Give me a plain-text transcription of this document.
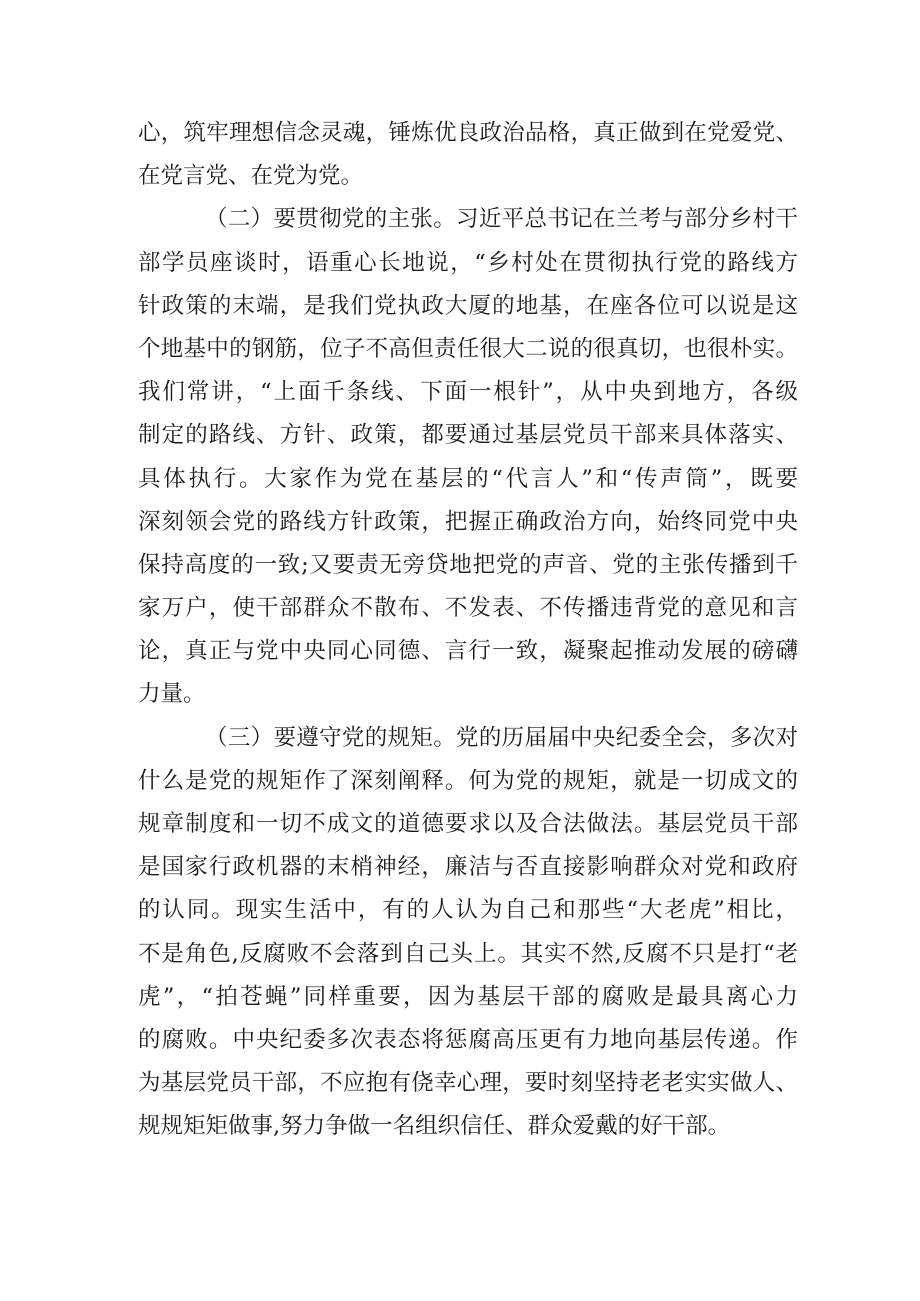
心，筑牢理想信念灵魂，锤炼优良政治品格，真正做到在党爱党、
在党言党、在党为党。
（二）要贯彻党的主张。习近平总书记在兰考与部分乡村干
部学员座谈时，语重心长地说，“乡村处在贯彻执行党的路线方
针政策的末端，是我们党执政大厦的地基，在座各位可以说是这
个地基中的钢筋，位子不高但责任很大二说的很真切，也很朴实。
我们常讲，“上面千条线、下面一根针”，从中央到地方，各级
制定的路线、方针、政策，都要通过基层党员干部来具体落实、
具体执行。大家作为党在基层的“代言人”和“传声筒”，既要
深刻领会党的路线方针政策，把握正确政治方向，始终同党中央
保持高度的一致;又要责无旁贷地把党的声音、党的主张传播到千
家万户，使干部群众不散布、不发表、不传播违背党的意见和言
论，真正与党中央同心同德、言行一致，凝聚起推动发展的磅礴
力量。
（三）要遵守党的规矩。党的历届届中央纪委全会，多次对
什么是党的规矩作了深刻阐释。何为党的规矩，就是一切成文的
规章制度和一切不成文的道德要求以及合法做法。基层党员干部
是国家行政机器的末梢神经，廉洁与否直接影响群众对党和政府
的认同。现实生活中，有的人认为自己和那些“大老虎”相比，
不是角色,反腐败不会落到自己头上。其实不然,反腐不只是打“老
虎”，“拍苍蝇”同样重要，因为基层干部的腐败是最具离心力
的腐败。中央纪委多次表态将惩腐高压更有力地向基层传递。作
为基层党员干部，不应抱有侥幸心理，要时刻坚持老老实实做人、
规规矩矩做事,努力争做一名组织信任、群众爱戴的好干部。
